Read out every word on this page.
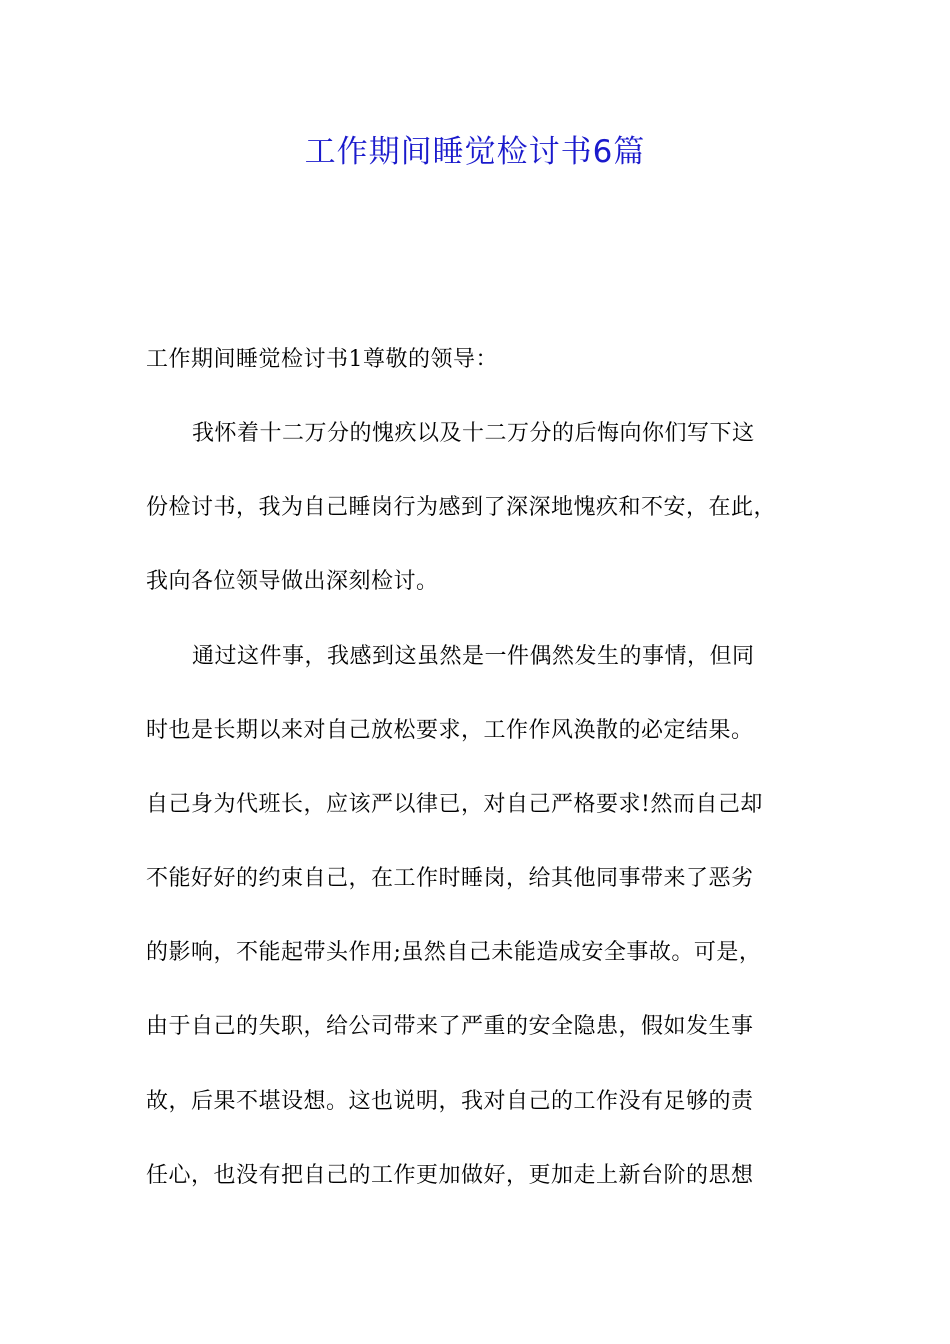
工作期间睡觉检讨书6篇
工作期间睡觉检讨书1尊敬的领导：
我怀着十二万分的愧疚以及十二万分的后悔向你们写下这
份检讨书，我为自己睡岗行为感到了深深地愧疚和不安，在此，
我向各位领导做出深刻检讨。
通过这件事，我感到这虽然是一件偶然发生的事情，但同
时也是长期以来对自己放松要求，工作作风涣散的必定结果。
自己身为代班长，应该严以律已，对自己严格要求!然而自己却
不能好好的约束自己，在工作时睡岗，给其他同事带来了恶劣
的影响，不能起带头作用;虽然自己未能造成安全事故。可是，
由于自己的失职，给公司带来了严重的安全隐患，假如发生事
故，后果不堪设想。这也说明，我对自己的工作没有足够的责
任心，也没有把自己的工作更加做好，更加走上新台阶的思想
